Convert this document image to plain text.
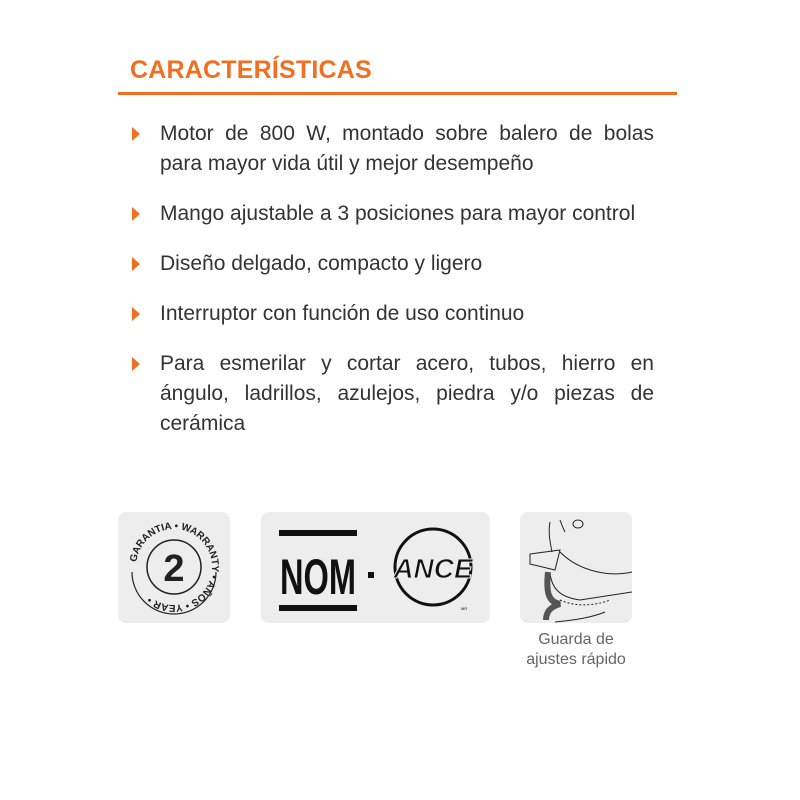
CARACTERÍSTICAS
Motor de 800 W, montado sobre balero de bolas para mayor vida útil y mejor desempeño
Mango ajustable a 3 posiciones para mayor control
Diseño delgado, compacto y ligero
Interruptor con función de uso continuo
Para esmerilar y cortar acero, tubos, hierro en ángulo, ladrillos, azulejos, piedra y/o piezas de cerámica
GARANTIA • WARRANTY • AÑOS • YEAR •
2 NOM ANCE
MR
Guarda de
ajustes rápido
